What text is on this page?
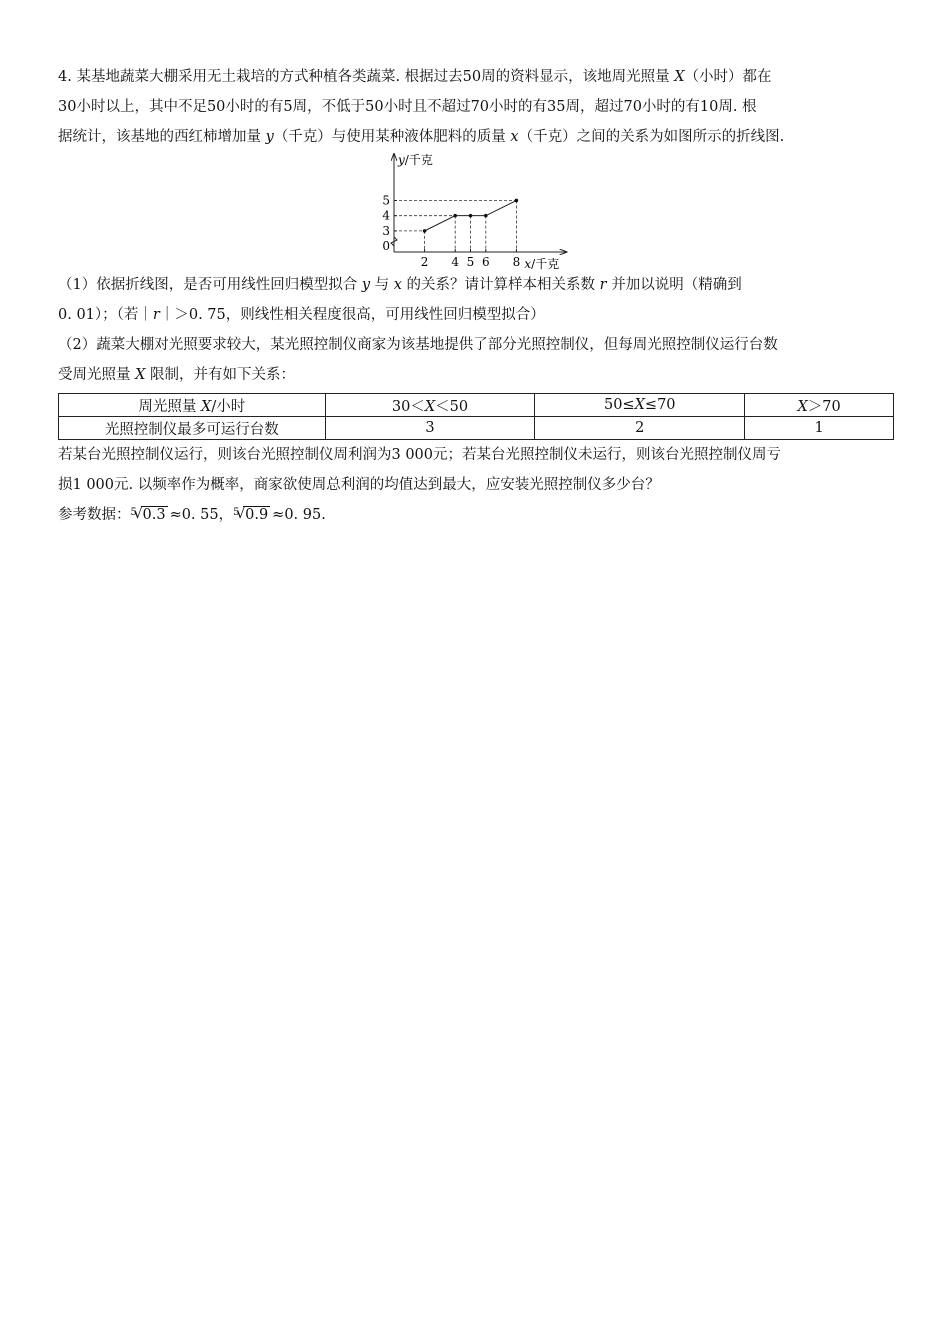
4. 某基地蔬菜大棚采用无土栽培的方式种植各类蔬菜. 根据过去50周的资料显示，该地周光照量 X（小时）都在
30小时以上，其中不足50小时的有5周，不低于50小时且不超过70小时的有35周，超过70小时的有10周. 根
据统计，该基地的西红柿增加量 y（千克）与使用某种液体肥料的质量 x（千克）之间的关系为如图所示的折线图.
2 4 5 6 8
3
4
5
0
y/千克
x/千克
（1）依据折线图，是否可用线性回归模型拟合 y 与 x 的关系？请计算样本相关系数 r 并加以说明（精确到
0. 01）；（若｜r｜＞0. 75，则线性相关程度很高，可用线性回归模型拟合）
（2）蔬菜大棚对光照要求较大，某光照控制仪商家为该基地提供了部分光照控制仪，但每周光照控制仪运行台数
受周光照量 X 限制，并有如下关系：
周光照量 X/小时	30＜X＜50	50≤X≤70	X＞70
光照控制仪最多可运行台数	3	2	1
若某台光照控制仪运行，则该台光照控制仪周利润为3 000元；若某台光照控制仪未运行，则该台光照控制仪周亏
损1 000元. 以频率作为概率，商家欲使周总利润的均值达到最大，应安装光照控制仪多少台？
参考数据： 5 √ 0.3 ≈0. 55， 5 √ 0.9 ≈0. 95.
